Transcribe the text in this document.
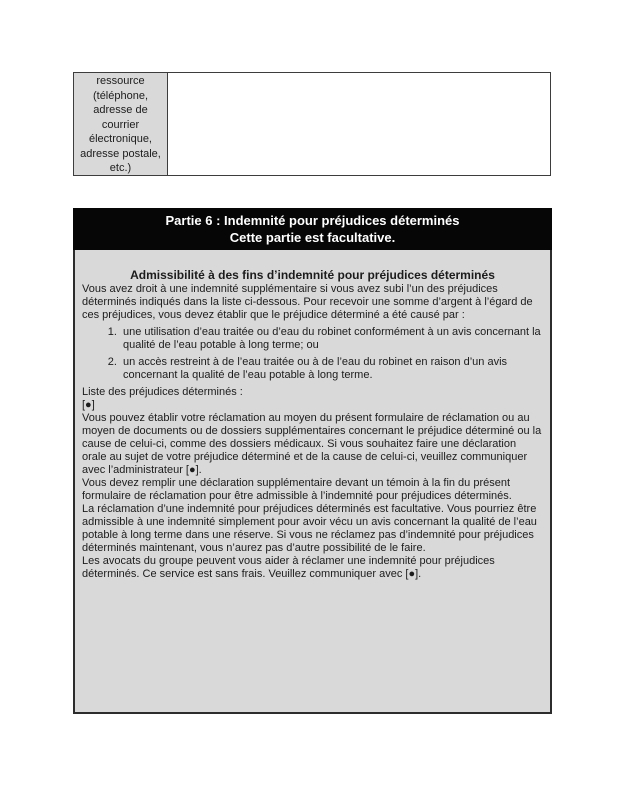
ressource (téléphone, adresse de courrier électronique, adresse postale, etc.)
Partie 6 : Indemnité pour préjudices déterminés
Cette partie est facultative.
Admissibilité à des fins d’indemnité pour préjudices déterminés

Vous avez droit à une indemnité supplémentaire si vous avez subi l’un des préjudices déterminés indiqués dans la liste ci-dessous. Pour recevoir une somme d’argent à l’égard de ces préjudices, vous devez établir que le préjudice déterminé a été causé par :

1. une utilisation d’eau traitée ou d’eau du robinet conformément à un avis concernant la qualité de l’eau potable à long terme; ou
2. un accès restreint à de l’eau traitée ou à de l’eau du robinet en raison d’un avis concernant la qualité de l’eau potable à long terme.

Liste des préjudices déterminés :

[●]

Vous pouvez établir votre réclamation au moyen du présent formulaire de réclamation ou au moyen de documents ou de dossiers supplémentaires concernant le préjudice déterminé ou la cause de celui-ci, comme des dossiers médicaux. Si vous souhaitez faire une déclaration orale au sujet de votre préjudice déterminé et de la cause de celui-ci, veuillez communiquer avec l’administrateur [●].

Vous devez remplir une déclaration supplémentaire devant un témoin à la fin du présent formulaire de réclamation pour être admissible à l’indemnité pour préjudices déterminés.

La réclamation d’une indemnité pour préjudices déterminés est facultative. Vous pourriez être admissible à une indemnité simplement pour avoir vécu un avis concernant la qualité de l’eau potable à long terme dans une réserve. Si vous ne réclamez pas d’indemnité pour préjudices déterminés maintenant, vous n’aurez pas d’autre possibilité de le faire.

Les avocats du groupe peuvent vous aider à réclamer une indemnité pour préjudices déterminés. Ce service est sans frais. Veuillez communiquer avec [●].
